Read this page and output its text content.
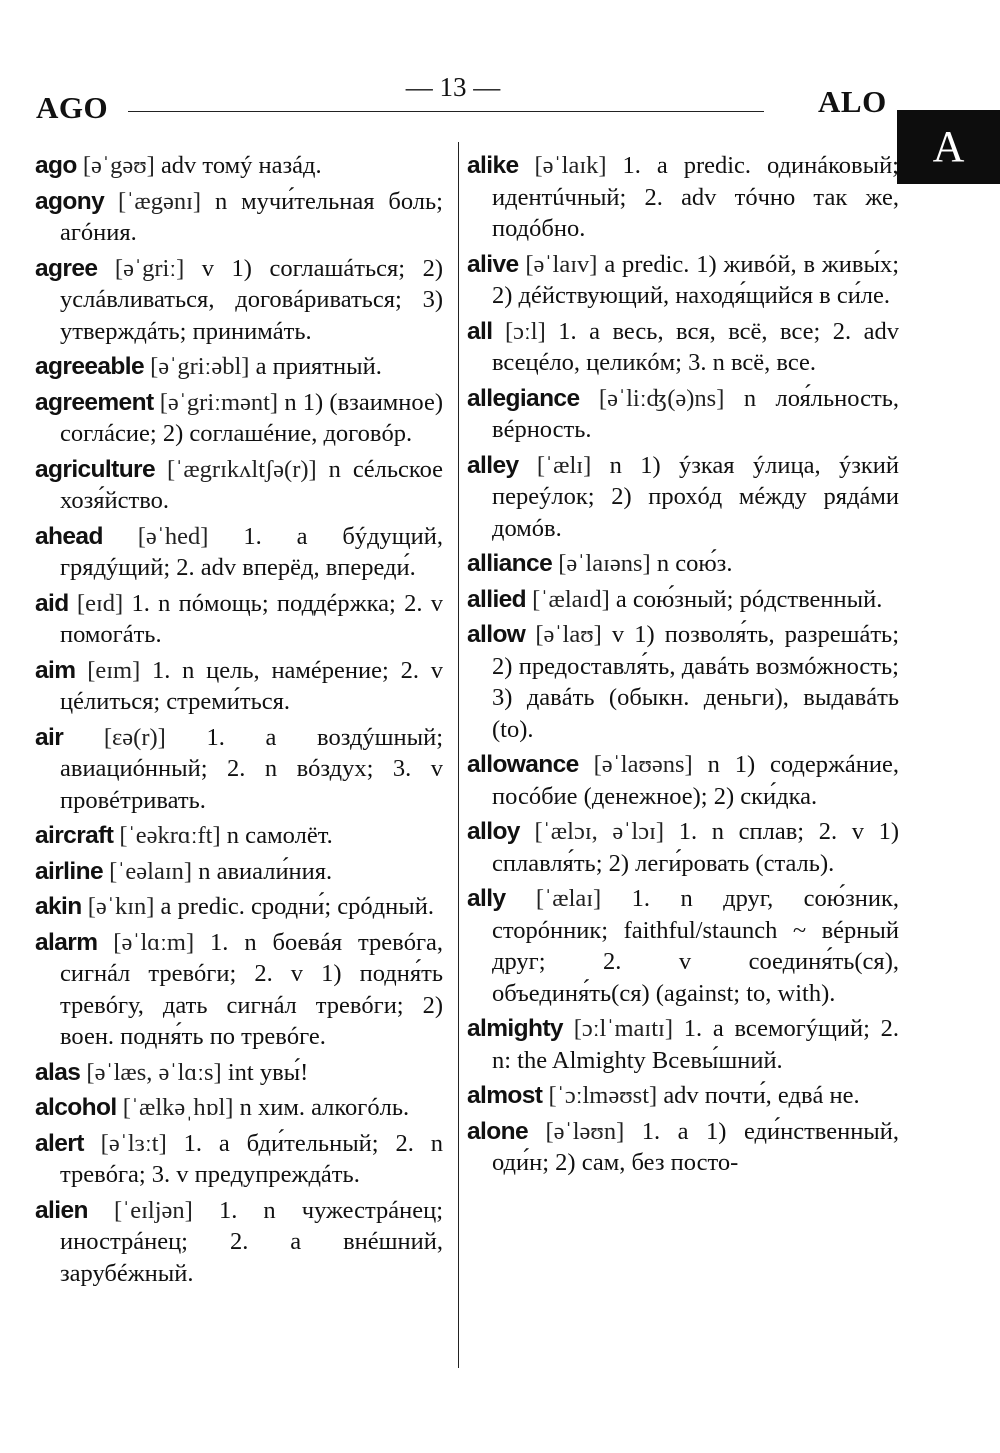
AGO
— 13 —	ALO
A

ago [əˈgəʊ] adv томý назáд.

agony [ˈægənɪ] n мучи́тельная боль; агóния.

agree [əˈgriː] v 1) соглашáться; 2) услáвливаться, договáриваться; 3) утверждáть; принимáть.

agreeable [əˈgriːəbl] a приятный.

agreement [əˈgriːmənt] n 1) (взаимное) соглáсие; 2) соглашéние, договóр.

agriculture [ˈægrɪkʌltʃə(r)] n сéльское хозя́йство.

ahead [əˈhed] 1. a бýдущий, грядýщий; 2. adv вперёд, впереди́.

aid [eɪd] 1. n пóмощь; поддéржка; 2. v помогáть.

aim [eɪm] 1. n цель, намéрение; 2. v цéлиться; стреми́ться.

air [ɛə(r)] 1. a воздýшный; авиациóнный; 2. n вóздух; 3. v провéтривать.

aircraft [ˈeəkrɑːft] n самолёт.

airline [ˈeəlaɪn] n авиали́ния.

akin [əˈkɪn] a predic. сродни́; срóдный.

alarm [əˈlɑːm] 1. n боевáя тревóга, сигнáл тревóги; 2. v 1) подня́ть тревóгу, дать сигнáл тревóги; 2) воен. подня́ть по тревóге.

alas [əˈlæs, əˈlɑːs] int увы́!

alcohol [ˈælkəˌhɒl] n хим. алкогóль.

alert [əˈlɜːt] 1. a бди́тельный; 2. n тревóга; 3. v предупреждáть.

alien [ˈeɪljən] 1. n чужестрáнец; инострáнец; 2. a внéшний, зарубéжный.

alike [əˈlaɪk] 1. a predic. одинáковый; идентúчный; 2. adv тóчно так же, подóбно.

alive [əˈlaɪv] a predic. 1) живóй, в живы́х; 2) дéйствующий, находя́щийся в си́ле.

all [ɔːl] 1. a весь, вся, всё, все; 2. adv всецéло, целикóм; 3. n всё, все.

allegiance [əˈliːʤ(ə)ns] n лоя́льность, вéрность.

alley [ˈælɪ] n 1) ýзкая ýлица, ýзкий переýлок; 2) прохóд мéжду рядáми домóв.

alliance [əˈlaɪəns] n сою́з.

allied [ˈælaɪd] a сою́зный; рóдственный.

allow [əˈlaʊ] v 1) позволя́ть, разрешáть; 2) предоставля́ть, давáть возмóжность; 3) давáть (обыкн. деньги), выдавáть (to).

allowance [əˈlaʊəns] n 1) содержáние, посóбие (денежное); 2) ски́дка.

alloy [ˈælɔɪ, əˈlɔɪ] 1. n сплав; 2. v 1) сплавля́ть; 2) леги́ровать (сталь).

ally [ˈælaɪ] 1. n друг, сою́зник, сторóнник; faithful/staunch ~ вéрный друг; 2. v соединя́ть(ся), объединя́ть(ся) (against; to, with).

almighty [ɔːlˈmaɪtɪ] 1. a всемогýщий; 2. n: the Almighty Всевы́шний.

almost [ˈɔːlməʊst] adv почти́, едвá не.

alone [əˈləʊn] 1. a 1) еди́нственный, оди́н; 2) сам, без посто-
